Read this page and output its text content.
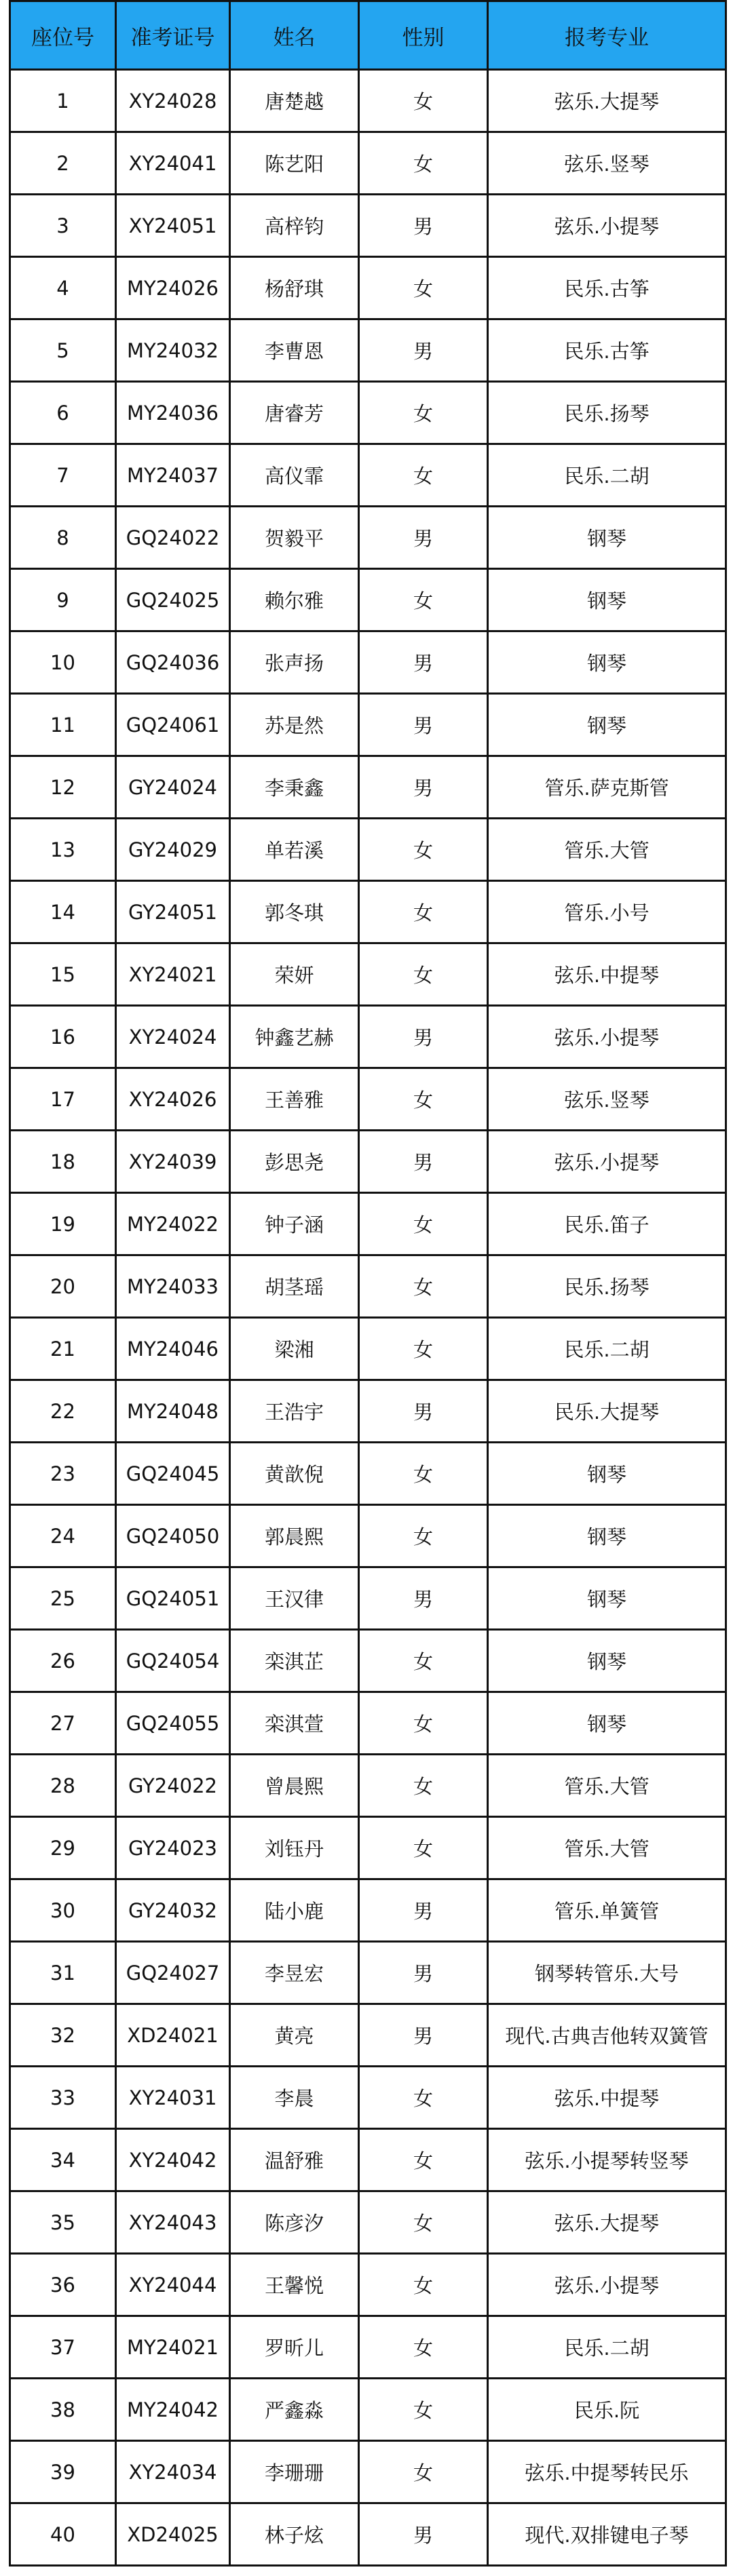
座位号	准考证号	姓名	性别	报考专业
1	XY24028	唐楚越	女	弦乐.大提琴
2	XY24041	陈艺阳	女	弦乐.竖琴
3	XY24051	高梓钧	男	弦乐.小提琴
4	MY24026	杨舒琪	女	民乐.古筝
5	MY24032	李曹恩	男	民乐.古筝
6	MY24036	唐睿芳	女	民乐.扬琴
7	MY24037	高仪霏	女	民乐.二胡
8	GQ24022	贺毅平	男	钢琴
9	GQ24025	赖尔雅	女	钢琴
10	GQ24036	张声扬	男	钢琴
11	GQ24061	苏是然	男	钢琴
12	GY24024	李秉鑫	男	管乐.萨克斯管
13	GY24029	单若溪	女	管乐.大管
14	GY24051	郭冬琪	女	管乐.小号
15	XY24021	荣妍	女	弦乐.中提琴
16	XY24024	钟鑫艺赫	男	弦乐.小提琴
17	XY24026	王善雅	女	弦乐.竖琴
18	XY24039	彭思尧	男	弦乐.小提琴
19	MY24022	钟子涵	女	民乐.笛子
20	MY24033	胡茎瑶	女	民乐.扬琴
21	MY24046	梁湘	女	民乐.二胡
22	MY24048	王浩宇	男	民乐.大提琴
23	GQ24045	黄歆倪	女	钢琴
24	GQ24050	郭晨熙	女	钢琴
25	GQ24051	王汉律	男	钢琴
26	GQ24054	栾淇芷	女	钢琴
27	GQ24055	栾淇萱	女	钢琴
28	GY24022	曾晨熙	女	管乐.大管
29	GY24023	刘钰丹	女	管乐.大管
30	GY24032	陆小鹿	男	管乐.单簧管
31	GQ24027	李昱宏	男	钢琴转管乐.大号
32	XD24021	黄亮	男	现代.古典吉他转双簧管
33	XY24031	李晨	女	弦乐.中提琴
34	XY24042	温舒雅	女	弦乐.小提琴转竖琴
35	XY24043	陈彦汐	女	弦乐.大提琴
36	XY24044	王馨悦	女	弦乐.小提琴
37	MY24021	罗昕儿	女	民乐.二胡
38	MY24042	严鑫淼	女	民乐.阮
39	XY24034	李珊珊	女	弦乐.中提琴转民乐
40	XD24025	林子炫	男	现代.双排键电子琴
